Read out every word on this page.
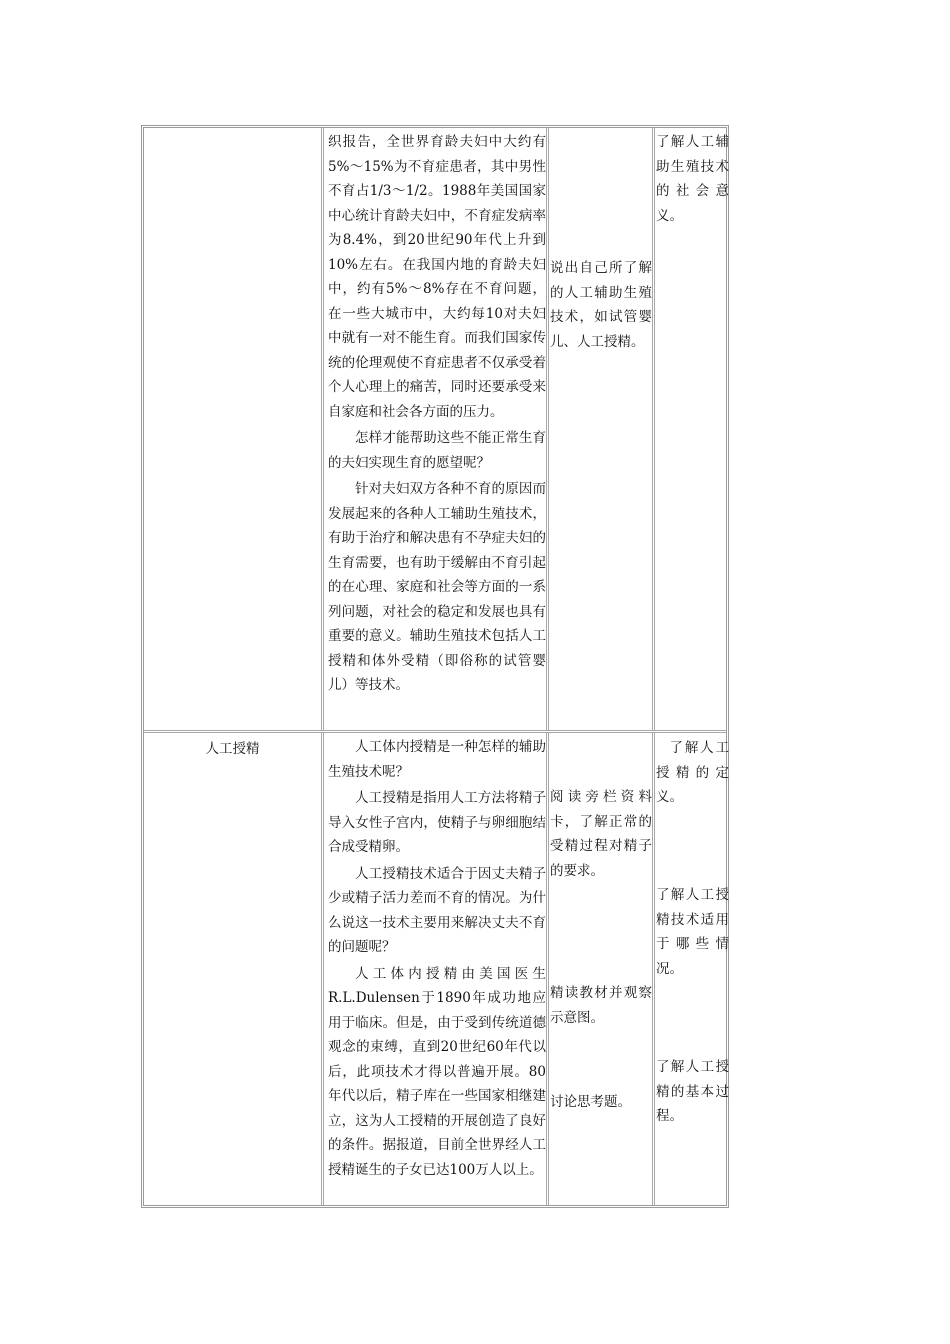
织报告，全世界育龄夫妇中大约有5%～15%为不育症患者，其中男性不育占1/3～1/2。1988年美国国家中心统计育龄夫妇中，不育症发病率为8.4%，到20世纪90年代上升到10%左右。在我国内地的育龄夫妇中，约有5%～8%存在不育问题，在一些大城市中，大约每10对夫妇中就有一对不能生育。而我们国家传统的伦理观使不育症患者不仅承受着个人心理上的痛苦，同时还要承受来自家庭和社会各方面的压力。

怎样才能帮助这些不能正常生育的夫妇实现生育的愿望呢？

针对夫妇双方各种不育的原因而发展起来的各种人工辅助生殖技术，有助于治疗和解决患有不孕症夫妇的生育需要，也有助于缓解由不育引起的在心理、家庭和社会等方面的一系列问题，对社会的稳定和发展也具有重要的意义。辅助生殖技术包括人工授精和体外受精（即俗称的试管婴儿）等技术。

说出自己所了解的人工辅助生殖技术，如试管婴儿、人工授精。
了解人工辅助生殖技术的社会意义。
人工授精	人工体内授精是一种怎样的辅助生殖技术呢？

人工授精是指用人工方法将精子导入女性子宫内，使精子与卵细胞结合成受精卵。

人工授精技术适合于因丈夫精子少或精子活力差而不育的情况。为什么说这一技术主要用来解决丈夫不育的问题呢？

人工体内授精由美国医生R.L.Dulensen于1890年成功地应用于临床。但是，由于受到传统道德观念的束缚，直到20世纪60年代以后，此项技术才得以普遍开展。80年代以后，精子库在一些国家相继建立，这为人工授精的开展创造了良好的条件。据报道，目前全世界经人工授精诞生的子女已达100万人以上。

阅读旁栏资料卡，了解正常的受精过程对精子的要求。
精读教材并观察示意图。
讨论思考题。
了解人工授精的定义。
了解人工授精技术适用于哪些情况。
了解人工授精的基本过程。
